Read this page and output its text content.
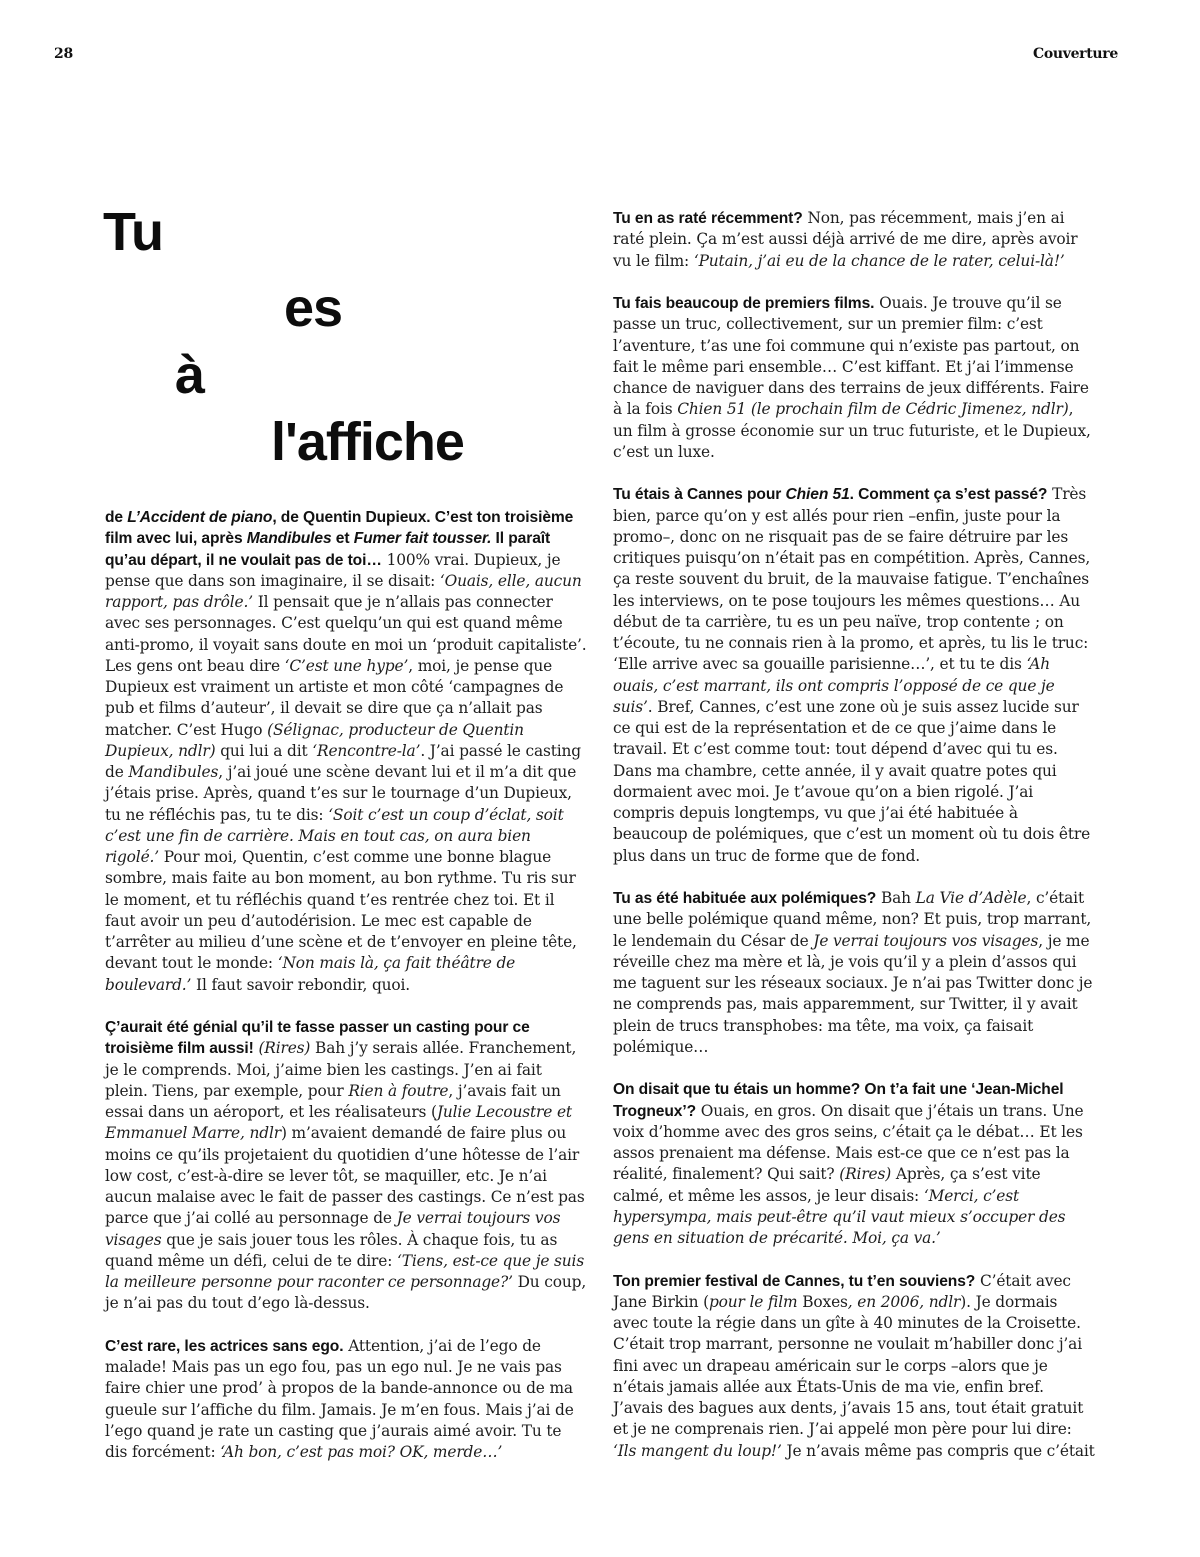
28	Couverture
Tu
es
à
l'affiche

de L’Accident de piano, de Quentin Dupieux. C’est ton troisième film avec lui, après Mandibules et Fumer fait tousser. Il paraît qu’au départ, il ne voulait pas de toi… 100% vrai. Dupieux, je pense que dans son imaginaire, il se disait: ‘Ouais, elle, aucun rapport, pas drôle.’ Il pensait que je n’allais pas connecter avec ses personnages. C’est quelqu’un qui est quand même anti-promo, il voyait sans doute en moi un ‘produit capitaliste’. Les gens ont beau dire ‘C’est une hype’, moi, je pense que Dupieux est vraiment un artiste et mon côté ‘campagnes de pub et films d’auteur’, il devait se dire que ça n’allait pas matcher. C’est Hugo (Sélignac, producteur de Quentin Dupieux, ndlr) qui lui a dit ‘Rencontre-la’. J’ai passé le casting de Mandibules, j’ai joué une scène devant lui et il m’a dit que j’étais prise. Après, quand t’es sur le tournage d’un Dupieux, tu ne réfléchis pas, tu te dis: ‘Soit c’est un coup d’éclat, soit c’est une fin de carrière. Mais en tout cas, on aura bien rigolé.’ Pour moi, Quentin, c’est comme une bonne blague sombre, mais faite au bon moment, au bon rythme. Tu ris sur le moment, et tu réfléchis quand t’es rentrée chez toi. Et il faut avoir un peu d’autodérision. Le mec est capable de t’arrêter au milieu d’une scène et de t’envoyer en pleine tête, devant tout le monde: ‘Non mais là, ça fait théâtre de boulevard.’ Il faut savoir rebondir, quoi.

Ç’aurait été génial qu’il te fasse passer un casting pour ce troisième film aussi! (Rires) Bah j’y serais allée. Franchement, je le comprends. Moi, j’aime bien les castings. J’en ai fait plein. Tiens, par exemple, pour Rien à foutre, j’avais fait un essai dans un aéroport, et les réalisateurs (Julie Lecoustre et Emmanuel Marre, ndlr) m’avaient demandé de faire plus ou moins ce qu’ils projetaient du quotidien d’une hôtesse de l’air low cost, c’est-à-dire se lever tôt, se maquiller, etc. Je n’ai aucun malaise avec le fait de passer des castings. Ce n’est pas parce que j’ai collé au personnage de Je verrai toujours vos visages que je sais jouer tous les rôles. À chaque fois, tu as quand même un défi, celui de te dire: ‘Tiens, est-ce que je suis la meilleure personne pour raconter ce personnage?’ Du coup, je n’ai pas du tout d’ego là-dessus.

C’est rare, les actrices sans ego. Attention, j’ai de l’ego de malade! Mais pas un ego fou, pas un ego nul. Je ne vais pas faire chier une prod’ à propos de la bande-annonce ou de ma gueule sur l’affiche du film. Jamais. Je m’en fous. Mais j’ai de l’ego quand je rate un casting que j’aurais aimé avoir. Tu te dis forcément: ‘Ah bon, c’est pas moi? OK, merde…’

Tu en as raté récemment? Non, pas récemment, mais j’en ai raté plein. Ça m’est aussi déjà arrivé de me dire, après avoir vu le film: ‘Putain, j’ai eu de la chance de le rater, celui-là!’

Tu fais beaucoup de premiers films. Ouais. Je trouve qu’il se passe un truc, collectivement, sur un premier film: c’est l’aventure, t’as une foi commune qui n’existe pas partout, on fait le même pari ensemble… C’est kiffant. Et j’ai l’immense chance de naviguer dans des terrains de jeux différents. Faire à la fois Chien 51 (le prochain film de Cédric Jimenez, ndlr), un film à grosse économie sur un truc futuriste, et le Dupieux, c’est un luxe.

Tu étais à Cannes pour Chien 51. Comment ça s’est passé? Très bien, parce qu’on y est allés pour rien –enfin, juste pour la promo–, donc on ne risquait pas de se faire détruire par les critiques puisqu’on n’était pas en compétition. Après, Cannes, ça reste souvent du bruit, de la mauvaise fatigue. T’enchaînes les interviews, on te pose toujours les mêmes questions… Au début de ta carrière, tu es un peu naïve, trop contente ; on t’écoute, tu ne connais rien à la promo, et après, tu lis le truc: ‘Elle arrive avec sa gouaille parisienne…’, et tu te dis ‘Ah ouais, c’est marrant, ils ont compris l’opposé de ce que je suis’. Bref, Cannes, c’est une zone où je suis assez lucide sur ce qui est de la représentation et de ce que j’aime dans le travail. Et c’est comme tout: tout dépend d’avec qui tu es. Dans ma chambre, cette année, il y avait quatre potes qui dormaient avec moi. Je t’avoue qu’on a bien rigolé. J’ai compris depuis longtemps, vu que j’ai été habituée à beaucoup de polémiques, que c’est un moment où tu dois être plus dans un truc de forme que de fond.

Tu as été habituée aux polémiques? Bah La Vie d’Adèle, c’était une belle polémique quand même, non? Et puis, trop marrant, le lendemain du César de Je verrai toujours vos visages, je me réveille chez ma mère et là, je vois qu’il y a plein d’assos qui me taguent sur les réseaux sociaux. Je n’ai pas Twitter donc je ne comprends pas, mais apparemment, sur Twitter, il y avait plein de trucs transphobes: ma tête, ma voix, ça faisait polémique…

On disait que tu étais un homme? On t’a fait une ‘Jean-Michel Trogneux’? Ouais, en gros. On disait que j’étais un trans. Une voix d’homme avec des gros seins, c’était ça le débat… Et les assos prenaient ma défense. Mais est-ce que ce n’est pas la réalité, finalement? Qui sait? (Rires) Après, ça s’est vite calmé, et même les assos, je leur disais: ‘Merci, c’est hypersympa, mais peut-être qu’il vaut mieux s’occuper des gens en situation de précarité. Moi, ça va.’

Ton premier festival de Cannes, tu t’en souviens? C’était avec Jane Birkin (pour le film Boxes, en 2006, ndlr). Je dormais avec toute la régie dans un gîte à 40 minutes de la Croisette. C’était trop marrant, personne ne voulait m’habiller donc j’ai fini avec un drapeau américain sur le corps –alors que je n’étais jamais allée aux États-Unis de ma vie, enfin bref. J’avais des bagues aux dents, j’avais 15 ans, tout était gratuit et je ne comprenais rien. J’ai appelé mon père pour lui dire: ‘Ils mangent du loup!’ Je n’avais même pas compris que c’était
